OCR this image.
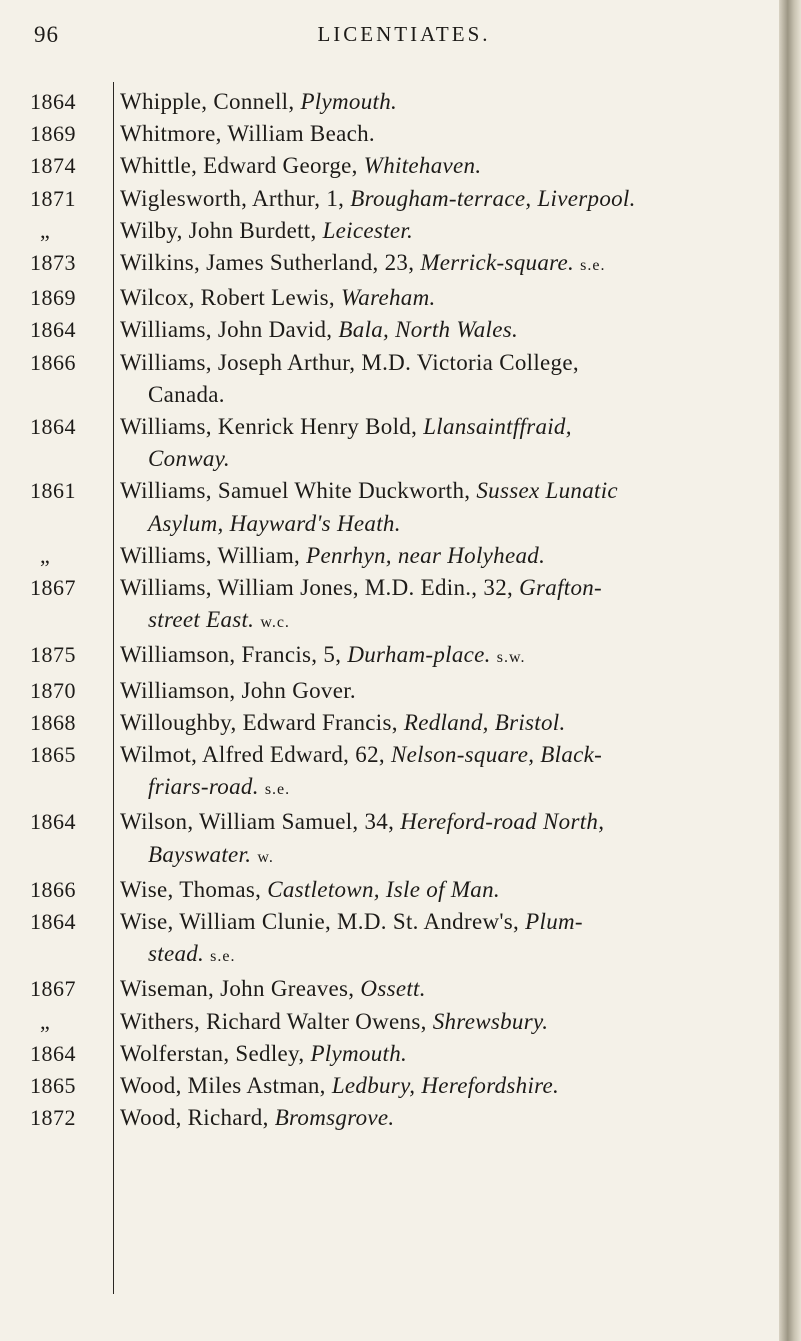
96	LICENTIATES.
1864	Whipple, Connell, Plymouth.
1869	Whitmore, William Beach.
1874	Whittle, Edward George, Whitehaven.
1871	Wiglesworth, Arthur, 1, Brougham-terrace, Liverpool.
„	Wilby, John Burdett, Leicester.
1873	Wilkins, James Sutherland, 23, Merrick-square. s.e.
1869	Wilcox, Robert Lewis, Wareham.
1864	Williams, John David, Bala, North Wales.
1866	Williams, Joseph Arthur, M.D. Victoria College,
Canada.
1864	Williams, Kenrick Henry Bold, Llansaintffraid,
Conway.
1861	Williams, Samuel White Duckworth, Sussex Lunatic
Asylum, Hayward's Heath.
„	Williams, William, Penrhyn, near Holyhead.
1867	Williams, William Jones, M.D. Edin., 32, Grafton-
street East. w.c.
1875	Williamson, Francis, 5, Durham-place. s.w.
1870	Williamson, John Gover.
1868	Willoughby, Edward Francis, Redland, Bristol.
1865	Wilmot, Alfred Edward, 62, Nelson-square, Black-
friars-road. s.e.
1864	Wilson, William Samuel, 34, Hereford-road North,
Bayswater. w.
1866	Wise, Thomas, Castletown, Isle of Man.
1864	Wise, William Clunie, M.D. St. Andrew's, Plum-
stead. s.e.
1867	Wiseman, John Greaves, Ossett.
„	Withers, Richard Walter Owens, Shrewsbury.
1864	Wolferstan, Sedley, Plymouth.
1865	Wood, Miles Astman, Ledbury, Herefordshire.
1872	Wood, Richard, Bromsgrove.
